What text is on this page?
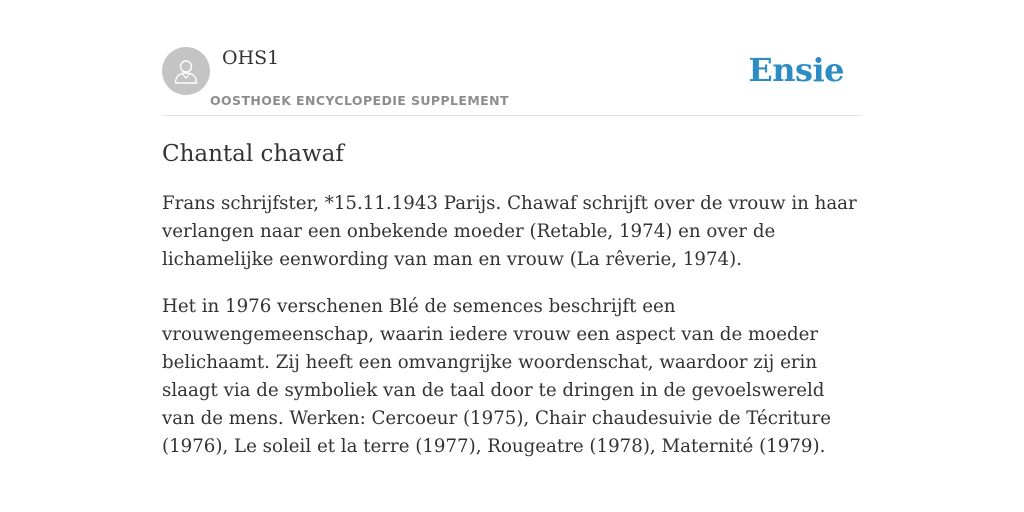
OHS1
OOSTHOEK ENCYCLOPEDIE SUPPLEMENT
Ensie
Chantal chawaf

Frans schrijfster, *15.11.1943 Parijs. Chawaf schrijft over de vrouw in haar verlangen naar een onbekende moeder (Retable, 1974) en over de lichamelijke eenwording van man en vrouw (La rêverie, 1974).

Het in 1976 verschenen Blé de semences beschrijft een vrouwengemeenschap, waarin iedere vrouw een aspect van de moeder belichaamt. Zij heeft een omvangrijke woordenschat, waardoor zij erin slaagt via de symboliek van de taal door te dringen in de gevoelswereld van de mens. Werken: Cercoeur (1975), Chair chaudesuivie de Técriture (1976), Le soleil et la terre (1977), Rougeatre (1978), Maternité (1979).
